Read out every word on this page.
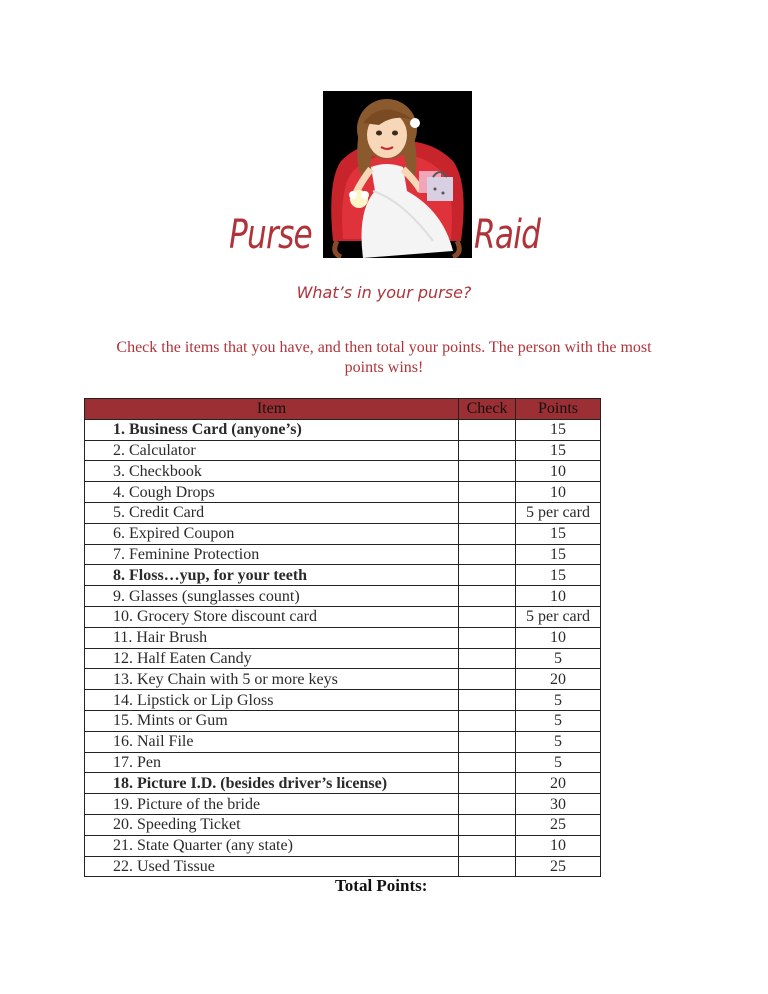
Purse	Raid
What’s in your purse?
Check the items that you have, and then total your points. The person with the most points wins!
Item	Check	Points
1. Business Card (anyone’s)		15
2. Calculator		15
3. Checkbook		10
4. Cough Drops		10
5. Credit Card		5 per card
6. Expired Coupon		15
7. Feminine Protection		15
8. Floss…yup, for your teeth		15
9. Glasses (sunglasses count)		10
10. Grocery Store discount card		5 per card
11. Hair Brush		10
12. Half Eaten Candy		5
13. Key Chain with 5 or more keys		20
14. Lipstick or Lip Gloss		5
15. Mints or Gum		5
16. Nail File		5
17. Pen		5
18. Picture I.D. (besides driver’s license)		20
19. Picture of the bride		30
20. Speeding Ticket		25
21. State Quarter (any state)		10
22. Used Tissue		25
Total Points:
